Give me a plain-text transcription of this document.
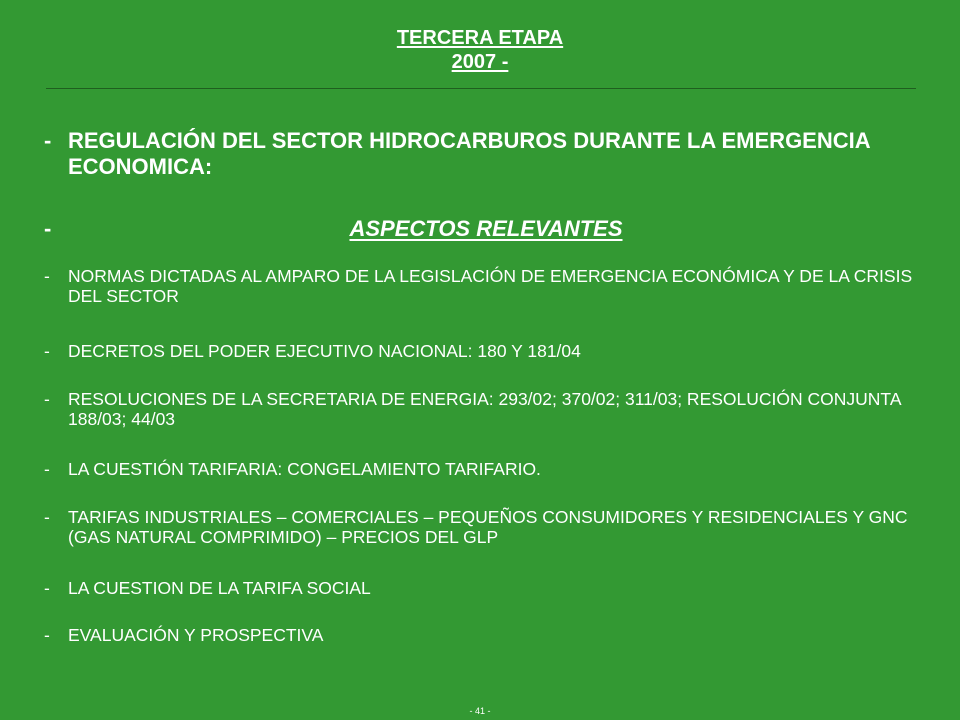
TERCERA ETAPA
2007 -
- REGULACIÓN DEL SECTOR HIDROCARBUROS DURANTE LA EMERGENCIA ECONOMICA:
-	ASPECTOS RELEVANTES
-	NORMAS DICTADAS AL AMPARO DE LA LEGISLACIÓN DE EMERGENCIA ECONÓMICA Y DE LA CRISIS DEL SECTOR
-	DECRETOS DEL PODER EJECUTIVO NACIONAL: 180 Y 181/04
-	RESOLUCIONES DE LA SECRETARIA DE ENERGIA: 293/02; 370/02; 311/03; RESOLUCIÓN CONJUNTA 188/03; 44/03
-	LA CUESTIÓN TARIFARIA: CONGELAMIENTO TARIFARIO.
-	TARIFAS INDUSTRIALES – COMERCIALES – PEQUEÑOS CONSUMIDORES Y RESIDENCIALES Y GNC (GAS NATURAL COMPRIMIDO) – PRECIOS DEL GLP
-	LA CUESTION DE LA TARIFA SOCIAL
-	EVALUACIÓN Y PROSPECTIVA
- 41 -
